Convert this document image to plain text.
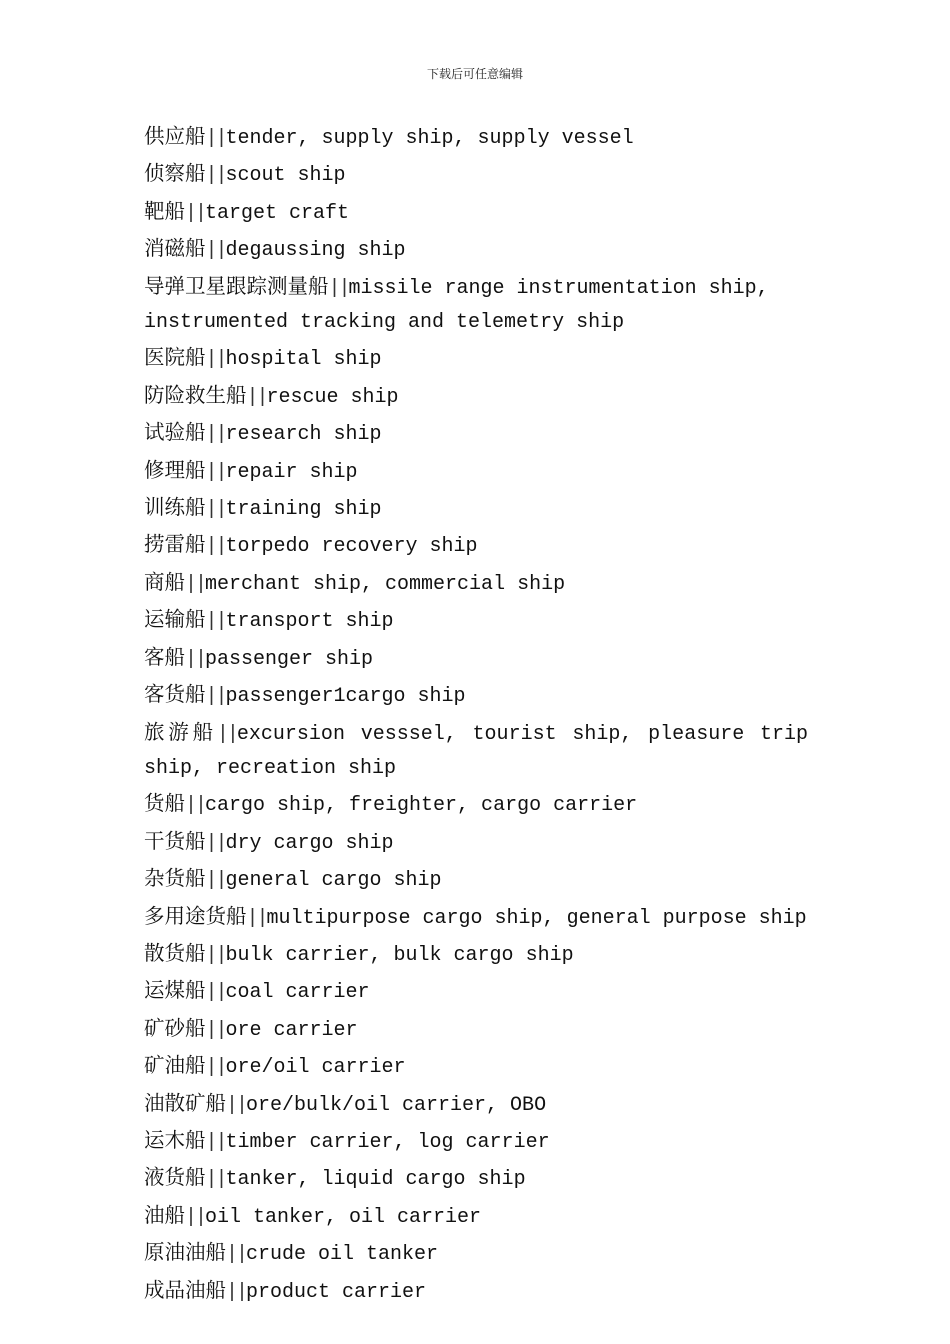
下载后可任意编辑
供应船||tender, supply ship, supply vessel
侦察船||scout ship
靶船||target craft
消磁船||degaussing ship
导弹卫星跟踪测量船||missile range instrumentation ship, instrumented tracking and telemetry ship
医院船||hospital ship
防险救生船||rescue ship
试验船||research ship
修理船||repair ship
训练船||training ship
捞雷船||torpedo recovery ship
商船||merchant ship, commercial ship
运输船||transport ship
客船||passenger ship
客货船||passenger1cargo ship
旅游船||excursion vesssel, tourist ship, pleasure trip ship, recreation ship
货船||cargo ship, freighter, cargo carrier
干货船||dry cargo ship
杂货船||general cargo ship
多用途货船||multipurpose cargo ship, general purpose ship
散货船||bulk carrier, bulk cargo ship
运煤船||coal carrier
矿砂船||ore carrier
矿油船||ore/oil carrier
油散矿船||ore/bulk/oil carrier, OBO
运木船||timber carrier, log carrier
液货船||tanker, liquid cargo ship
油船||oil tanker, oil carrier
原油油船||crude oil tanker
成品油船||product carrier
